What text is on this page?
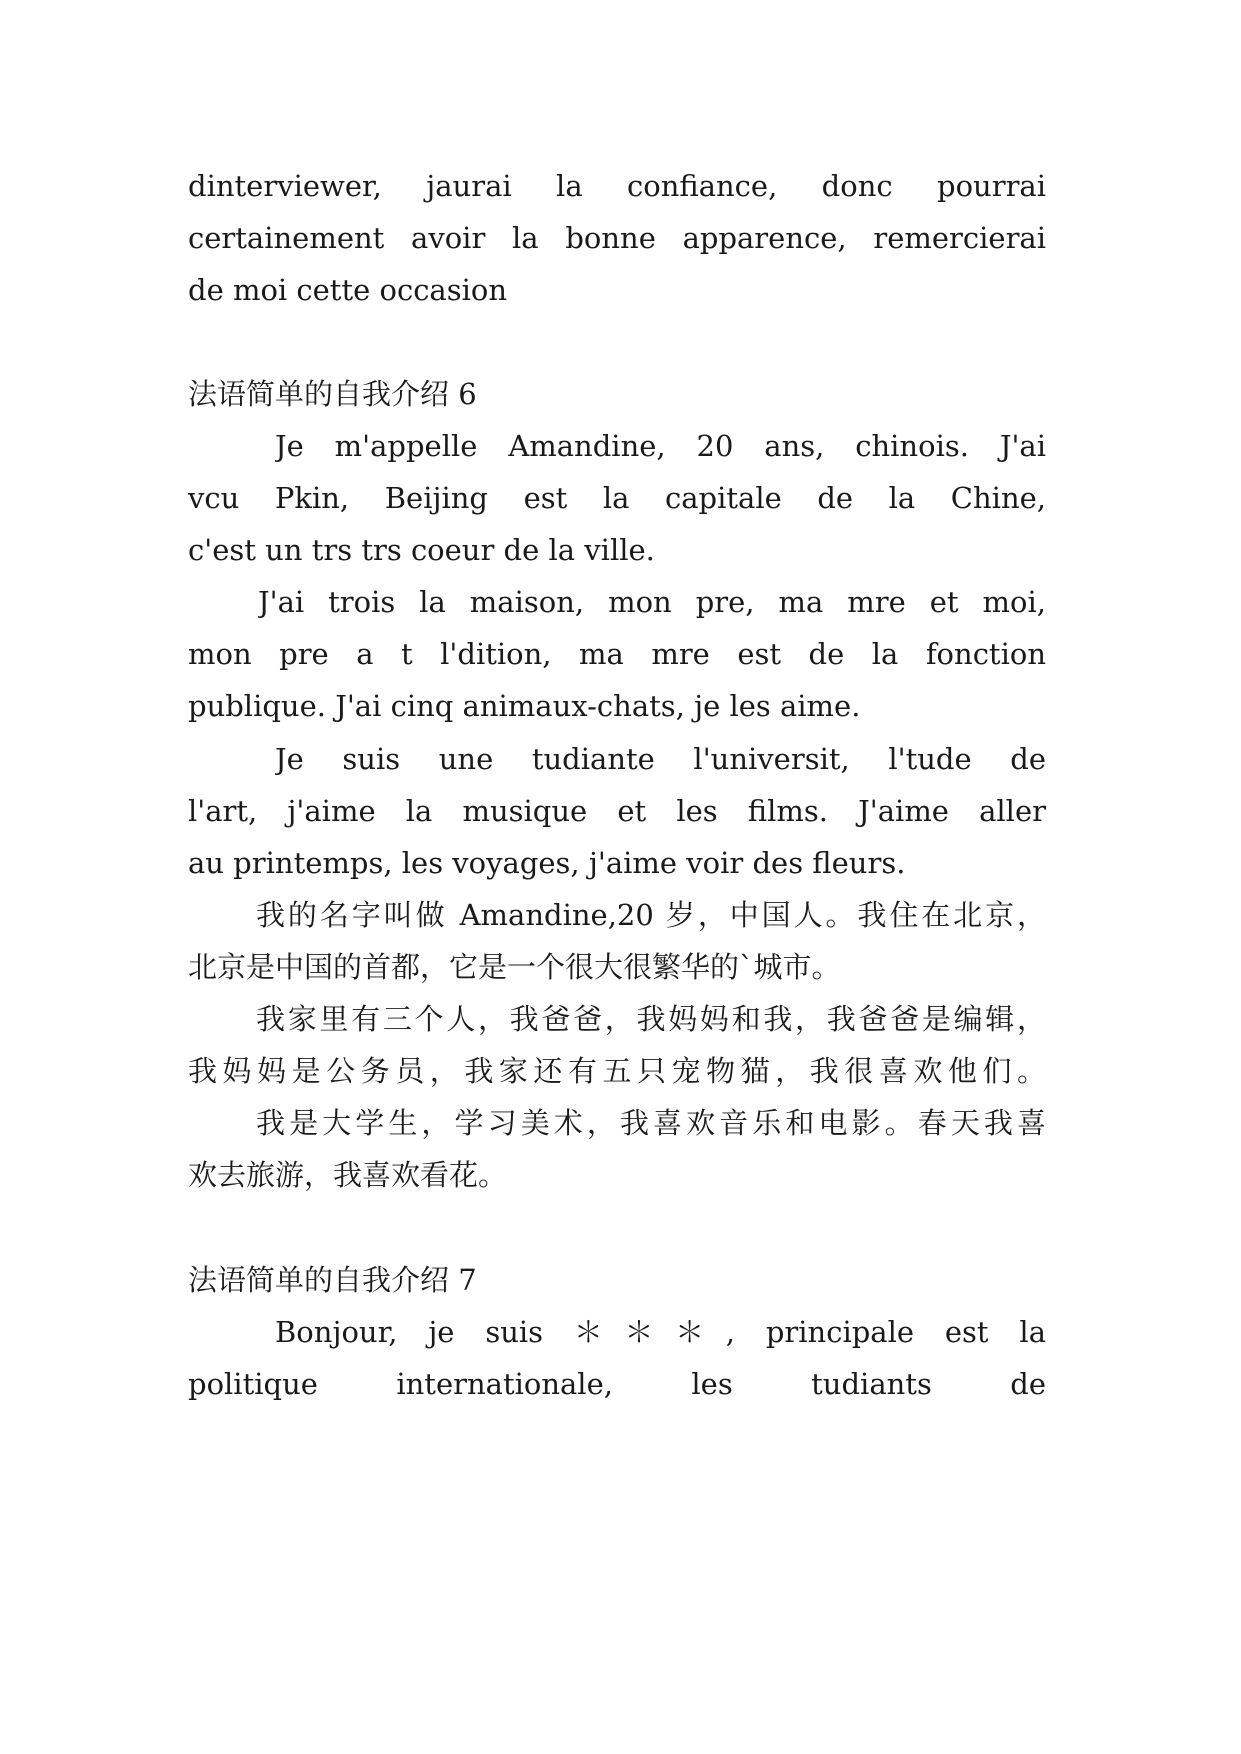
dinterviewer, jaurai la confiance, donc pourrai
certainement avoir la bonne apparence, remercierai
de moi cette occasion
法语简单的自我介绍 6
Je m'appelle Amandine, 20 ans, chinois. J'ai
vcu Pkin, Beijing est la capitale de la Chine,
c'est un trs trs coeur de la ville.
J'ai trois la maison, mon pre, ma mre et moi,
mon pre a t l'dition, ma mre est de la fonction
publique. J'ai cinq animaux-chats, je les aime.
Je suis une tudiante l'universit, l'tude de
l'art, j'aime la musique et les films. J'aime aller
au printemps, les voyages, j'aime voir des fleurs.
我的名字叫做 Amandine,20 岁，中国人。我住在北京，
北京是中国的首都，它是一个很大很繁华的`城市。
我家里有三个人，我爸爸，我妈妈和我，我爸爸是编辑，
我妈妈是公务员，我家还有五只宠物猫，我很喜欢他们。
我是大学生，学习美术，我喜欢音乐和电影。春天我喜
欢去旅游，我喜欢看花。
法语简单的自我介绍 7
Bonjour, je suis ＊＊＊, principale est la
politique internationale, les tudiants de
